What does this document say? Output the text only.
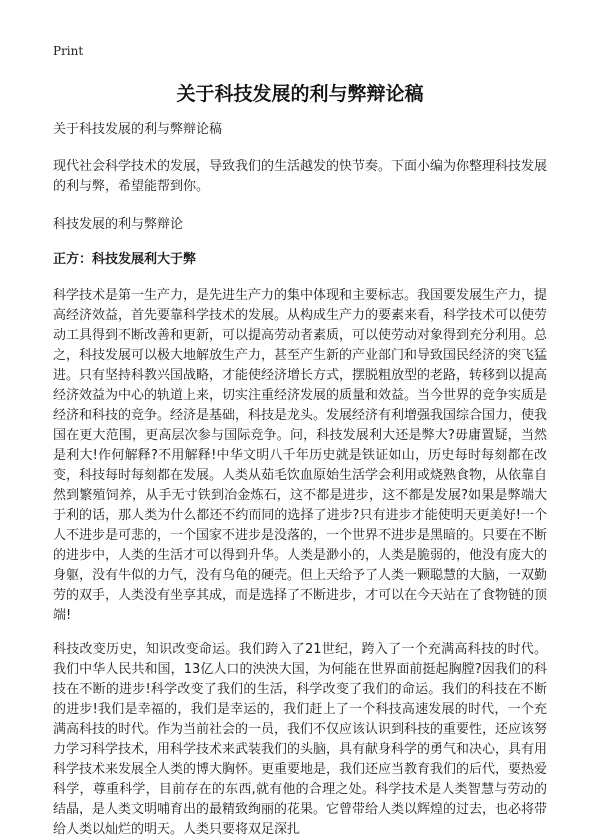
Print
关于科技发展的利与弊辩论稿

关于科技发展的利与弊辩论稿

现代社会科学技术的发展，导致我们的生活越发的快节奏。下面小编为你整理科技发展的利与弊，希望能帮到你。

科技发展的利与弊辩论

正方：科技发展利大于弊

科学技术是第一生产力，是先进生产力的集中体现和主要标志。我国要发展生产力，提高经济效益，首先要靠科学技术的发展。从构成生产力的要素来看，科学技术可以使劳动工具得到不断改善和更新，可以提高劳动者素质，可以使劳动对象得到充分利用。总之，科技发展可以极大地解放生产力，甚至产生新的产业部门和导致国民经济的突飞猛进。只有坚持科教兴国战略，才能使经济增长方式，摆脱粗放型的老路，转移到以提高经济效益为中心的轨道上来，切实注重经济发展的质量和效益。当今世界的竞争实质是经济和科技的竞争。经济是基础，科技是龙头。发展经济有利增强我国综合国力，使我国在更大范围，更高层次参与国际竞争。问，科技发展利大还是弊大?毋庸置疑，当然是利大!作何解释?不用解释!中华文明八千年历史就是铁证如山，历史每时每刻都在改变，科技每时每刻都在发展。人类从茹毛饮血原始生活学会利用或烧熟食物，从依靠自然到繁殖饲养，从手无寸铁到冶金炼石，这不都是进步，这不都是发展?如果是弊端大于利的话，那人类为什么都还不约而同的选择了进步?只有进步才能使明天更美好!一个人不进步是可悲的，一个国家不进步是没落的，一个世界不进步是黑暗的。只要在不断的进步中，人类的生活才可以得到升华。人类是渺小的，人类是脆弱的，他没有庞大的身躯，没有牛似的力气，没有乌龟的硬壳。但上天给予了人类一颗聪慧的大脑，一双勤劳的双手，人类没有坐享其成，而是选择了不断进步，才可以在今天站在了食物链的顶端!

科技改变历史，知识改变命运。我们跨入了21世纪，跨入了一个充满高科技的时代。我们中华人民共和国，13亿人口的泱泱大国，为何能在世界面前挺起胸膛?因我们的科技在不断的进步!科学改变了我们的生活，科学改变了我们的命运。我们的科技在不断的进步!我们是幸福的，我们是幸运的，我们赶上了一个科技高速发展的时代，一个充满高科技的时代。作为当前社会的一员，我们不仅应该认识到科技的重要性，还应该努力学习科学技术，用科学技术来武装我们的头脑，具有献身科学的勇气和决心，具有用科学技术来发展全人类的博大胸怀。更重要地是，我们还应当教育我们的后代，要热爱科学，尊重科学，目前存在的东西,就有他的合理之处。科学技术是人类智慧与劳动的结晶，是人类文明哺育出的最精致绚丽的花果。它曾带给人类以辉煌的过去，也必将带给人类以灿烂的明天。人类只要将双足深扎
